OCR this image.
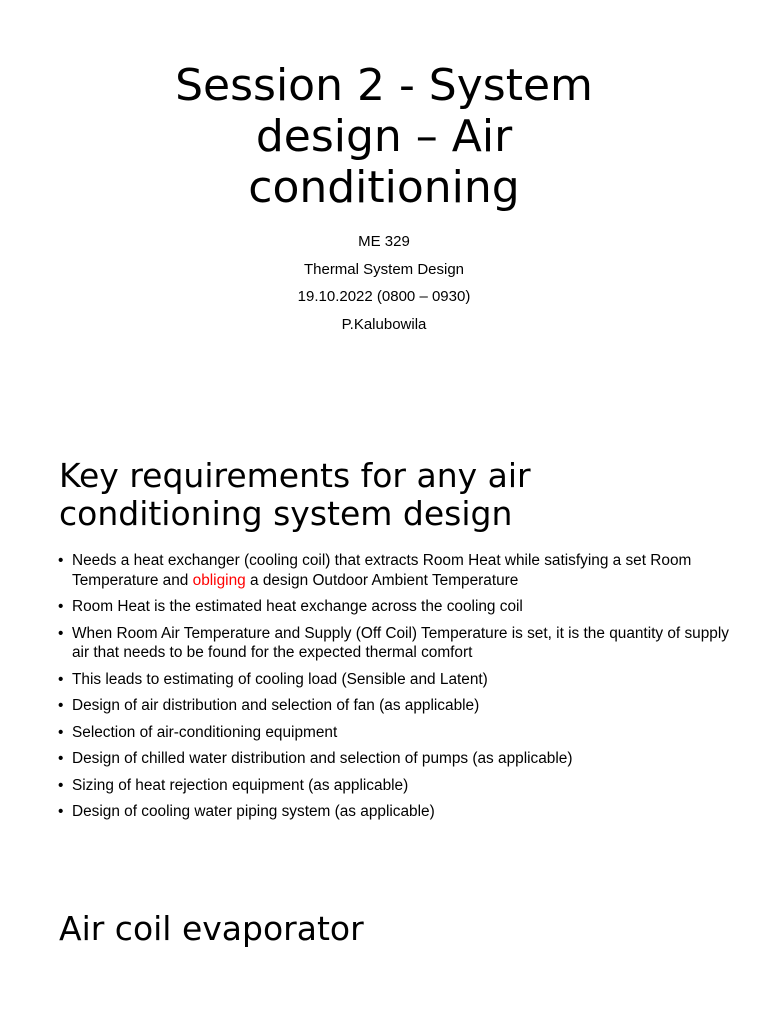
Session 2 - System
design – Air
conditioning
ME 329
Thermal System Design
19.10.2022 (0800 – 0930)
P.Kalubowila
Key requirements for any air
conditioning system design
• Needs a heat exchanger (cooling coil) that extracts Room Heat while satisfying a set Room Temperature and obliging a design Outdoor Ambient Temperature
• Room Heat is the estimated heat exchange across the cooling coil
• When Room Air Temperature and Supply (Off Coil) Temperature is set, it is the quantity of supply air that needs to be found for the expected thermal comfort
• This leads to estimating of cooling load (Sensible and Latent)
• Design of air distribution and selection of fan (as applicable)
• Selection of air-conditioning equipment
• Design of chilled water distribution and selection of pumps (as applicable)
• Sizing of heat rejection equipment (as applicable)
• Design of cooling water piping system (as applicable)
Air coil evaporator
